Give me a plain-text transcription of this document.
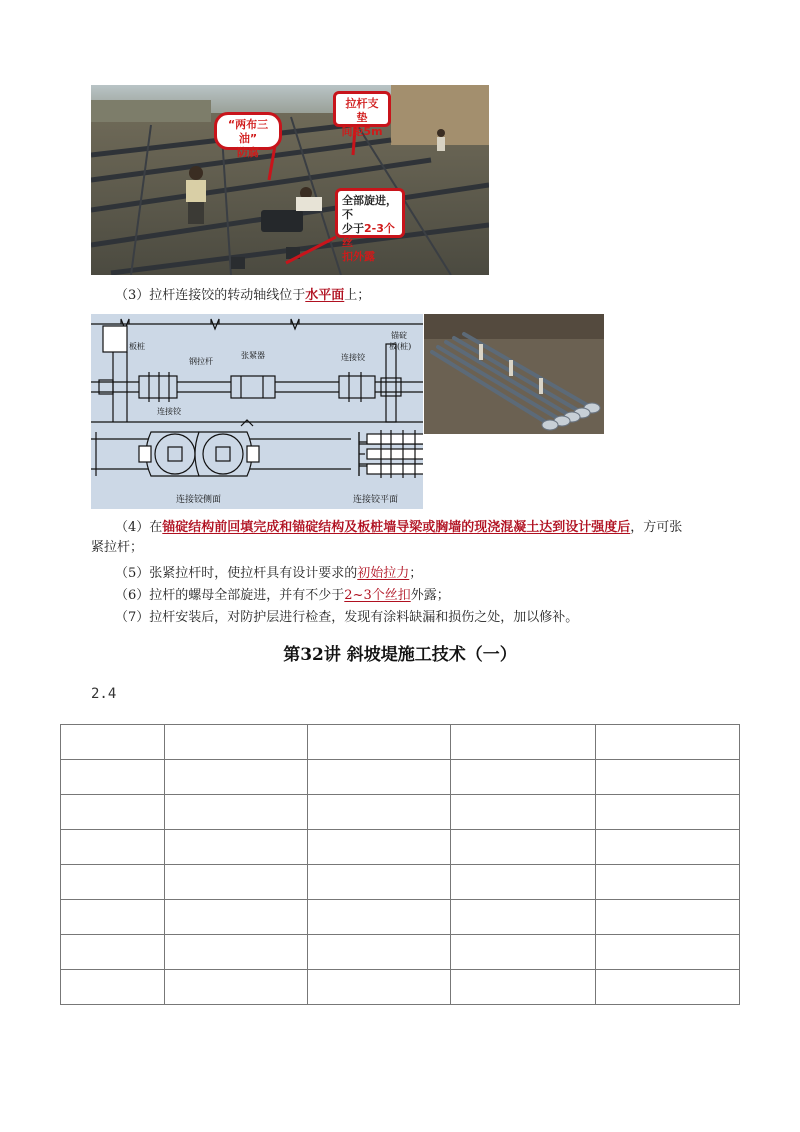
“两布三油”
防腐
拉杆支垫
间距5m
全部旋进，不
少于2-3个丝
扣外露
（3）拉杆连接饺的转动轴线位于水平面上；
板桩
钢拉杆
张紧器	连接铰
锚碇
板(桩)
连接铰
连接铰侧面	连接铰平面
（4）在锚碇结构前回填完成和锚碇结构及板桩墙导梁或胸墙的现浇混凝土达到设计强度后，方可张
紧拉杆；
（5）张紧拉杆时，使拉杆具有设计要求的初始拉力；
（6）拉杆的螺母全部旋进，并有不少于2~3个丝扣外露；
（7）拉杆安装后，对防护层进行检查，发现有涂料缺漏和损伤之处，加以修补。
第32讲 斜坡堤施工技术（一）
2.4
